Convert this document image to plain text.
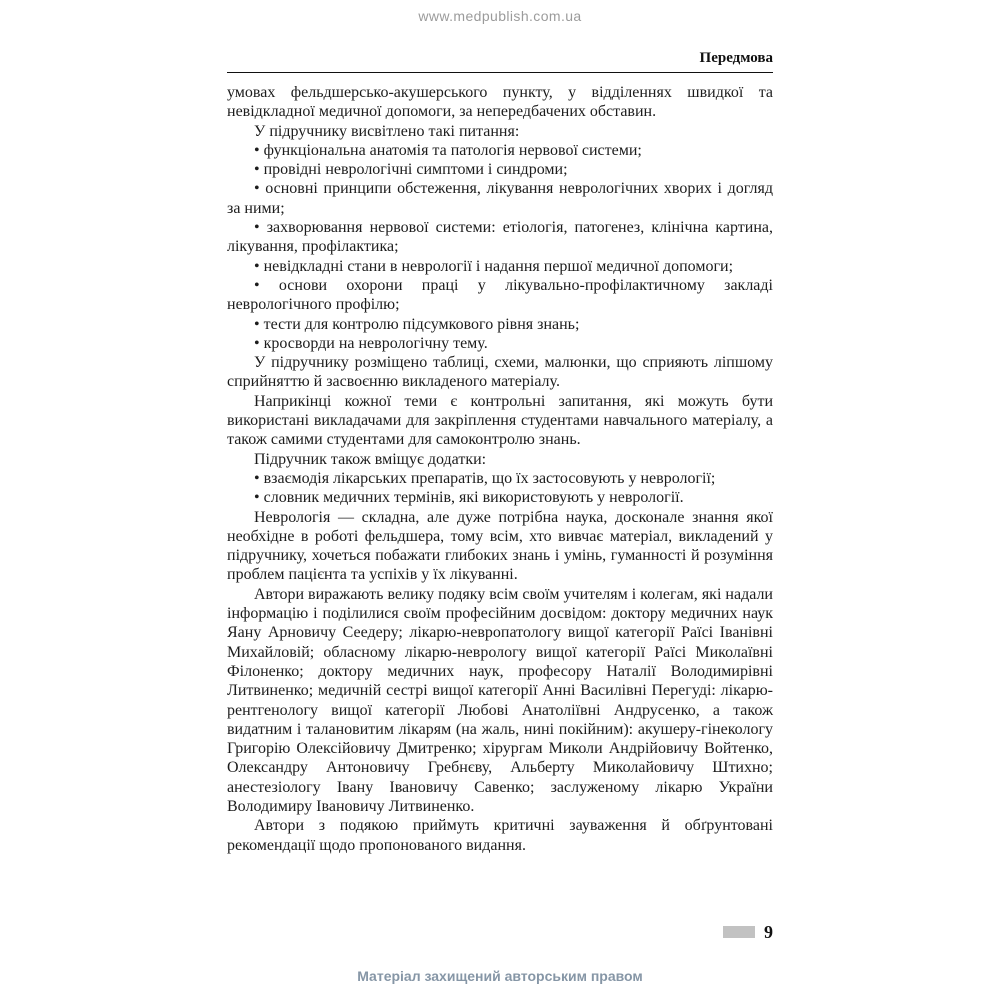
www.medpublish.com.ua
Передмова

умовах фельдшерсько-акушерського пункту, у відділеннях швидкої та невідкладної медичної допомоги, за непередбачених обставин.

У підручнику висвітлено такі питання:

• функціональна анатомія та патологія нервової системи;

• провідні неврологічні симптоми і синдроми;

• основні принципи обстеження, лікування неврологічних хворих і догляд за ними;

• захворювання нервової системи: етіологія, патогенез, клінічна картина, лікування, профілактика;

• невідкладні стани в неврології і надання першої медичної допомоги;

• основи охорони праці у лікувально-профілактичному закладі неврологічного профілю;

• тести для контролю підсумкового рівня знань;

• кросворди на неврологічну тему.

У підручнику розміщено таблиці, схеми, малюнки, що сприяють ліпшому сприйняттю й засвоєнню викладеного матеріалу.

Наприкінці кожної теми є контрольні запитання, які можуть бути використані викладачами для закріплення студентами навчального матеріалу, а також самими студентами для самоконтролю знань.

Підручник також вміщує додатки:

• взаємодія лікарських препаратів, що їх застосовують у неврології;

• словник медичних термінів, які використовують у неврології.

Неврологія — складна, але дуже потрібна наука, досконале знання якої необхідне в роботі фельдшера, тому всім, хто вивчає матеріал, викладений у підручнику, хочеться побажати глибоких знань і умінь, гуманності й розуміння проблем пацієнта та успіхів у їх лікуванні.

Автори виражають велику подяку всім своїм учителям і колегам, які надали інформацію і поділилися своїм професійним досвідом: доктору медичних наук Яану Арновичу Сеедеру; лікарю-невропатологу вищої категорії Раїсі Іванівні Михайловій; обласному лікарю-неврологу вищої категорії Раїсі Миколаївні Філоненко; доктору медичних наук, професору Наталії Володимирівні Литвиненко; медичній сестрі вищої категорії Анні Василівні Перегуді: лікарю-рентгенологу вищої категорії Любові Анатоліївні Андрусенко, а також видатним і талановитим лікарям (на жаль, нині покійним): акушеру-гінекологу Григорію Олексійовичу Дмитренко; хірургам Миколи Андрійовичу Войтенко, Олександру Антоновичу Гребнєву, Альберту Миколайовичу Штихно; анестезіологу Івану Івановичу Савенко; заслуженому лікарю України Володимиру Івановичу Литвиненко.

Автори з подякою приймуть критичні зауваження й обґрунтовані рекомендації щодо пропонованого видання.

9
Матеріал захищений авторським правом
